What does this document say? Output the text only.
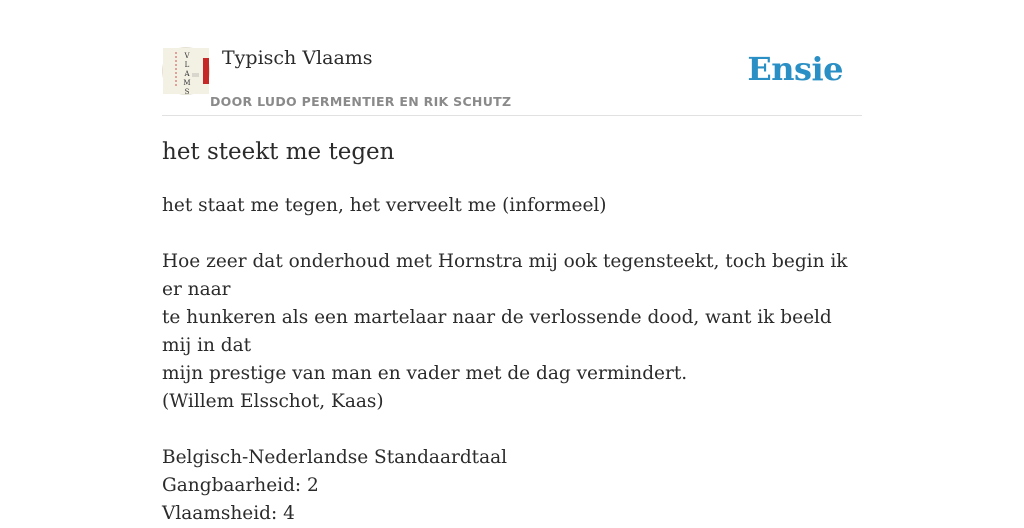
V
L
A
M
S
Typisch Vlaams
DOOR LUDO PERMENTIER EN RIK SCHUTZ
Ensie
het steekt me tegen

het staat me tegen, het verveelt me (informeel)

Hoe zeer dat onderhoud met Hornstra mij ook tegensteekt, toch begin ik er naar

te hunkeren als een martelaar naar de verlossende dood, want ik beeld mij in dat

mijn prestige van man en vader met de dag vermindert.

(Willem Elsschot, Kaas)

Belgisch-Nederlandse Standaardtaal

Gangbaarheid: 2

Vlaamsheid: 4
